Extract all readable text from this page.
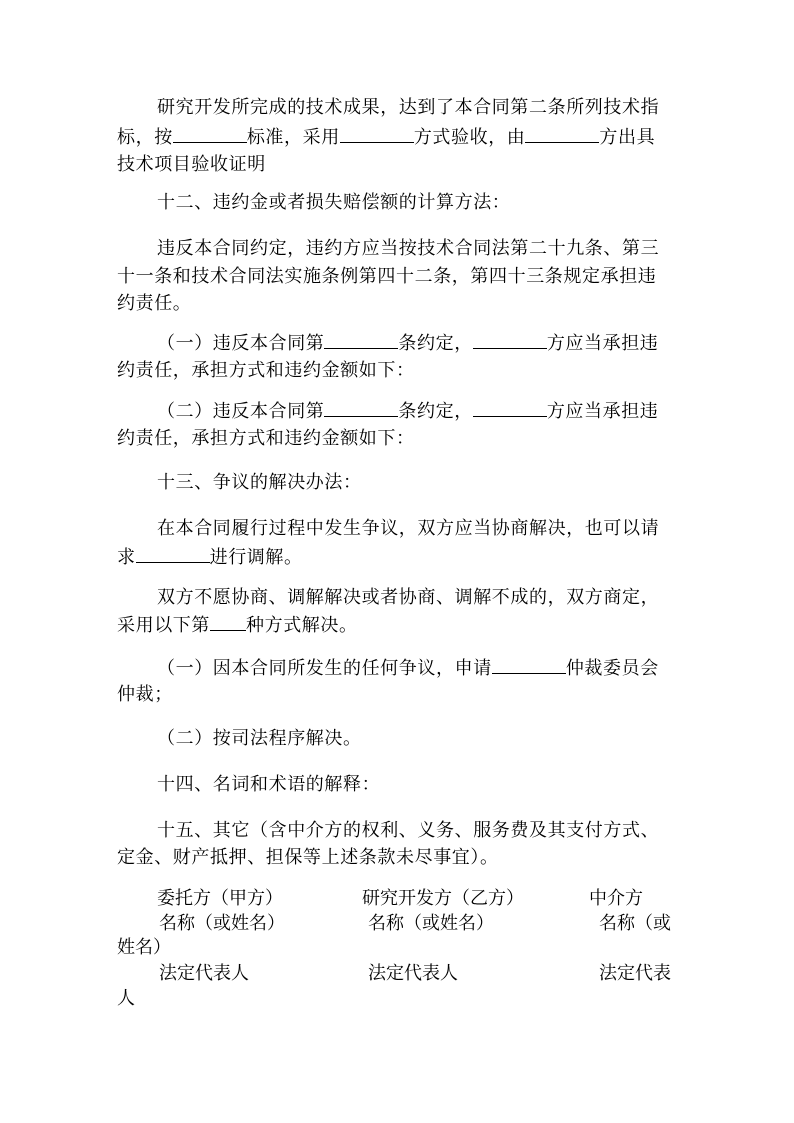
研究开发所完成的技术成果，达到了本合同第二条所列技术指
标，按	标准，采用	方式验收，由	方出具
技术项目验收证明
十二、违约金或者损失赔偿额的计算方法：
违反本合同约定，违约方应当按技术合同法第二十九条、第三
十一条和技术合同法实施条例第四十二条，第四十三条规定承担违
约责任。
（一）违反本合同第	条约定，	方应当承担违
约责任，承担方式和违约金额如下：
（二）违反本合同第	条约定，	方应当承担违
约责任，承担方式和违约金额如下：
十三、争议的解决办法：
在本合同履行过程中发生争议，双方应当协商解决，也可以请
求	进行调解。
双方不愿协商、调解解决或者协商、调解不成的，双方商定，
采用以下第 种方式解决。
（一）因本合同所发生的任何争议，申请	仲裁委员会
仲裁；
（二）按司法程序解决。
十四、名词和术语的解释：
十五、其它（含中介方的权利、义务、服务费及其支付方式、
定金、财产抵押、担保等上述条款未尽事宜）。
委托方（甲方）	研究开发方（乙方）	中介方
名称（或姓名）	名称（或姓名）	名称（或
姓名）
法定代表人	法定代表人	法定代表
人
